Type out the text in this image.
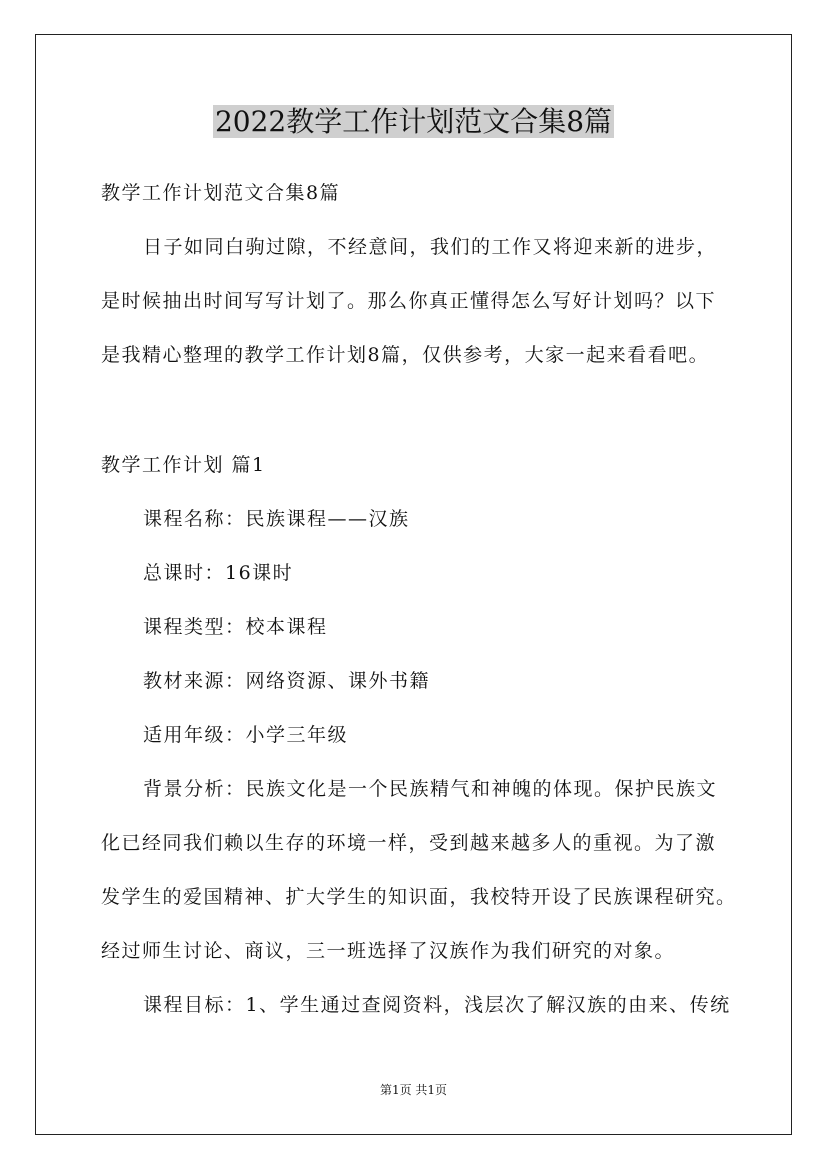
2022教学工作计划范文合集8篇
教学工作计划范文合集8篇
日子如同白驹过隙，不经意间，我们的工作又将迎来新的进步，
是时候抽出时间写写计划了。那么你真正懂得怎么写好计划吗？以下
是我精心整理的教学工作计划8篇，仅供参考，大家一起来看看吧。
教学工作计划 篇1
课程名称：民族课程——汉族
总课时：16课时
课程类型：校本课程
教材来源：网络资源、课外书籍
适用年级：小学三年级
背景分析：民族文化是一个民族精气和神魄的体现。保护民族文
化已经同我们赖以生存的环境一样，受到越来越多人的重视。为了激
发学生的爱国精神、扩大学生的知识面，我校特开设了民族课程研究。
经过师生讨论、商议，三一班选择了汉族作为我们研究的对象。
课程目标：1、学生通过查阅资料，浅层次了解汉族的由来、传统
第1页 共1页
